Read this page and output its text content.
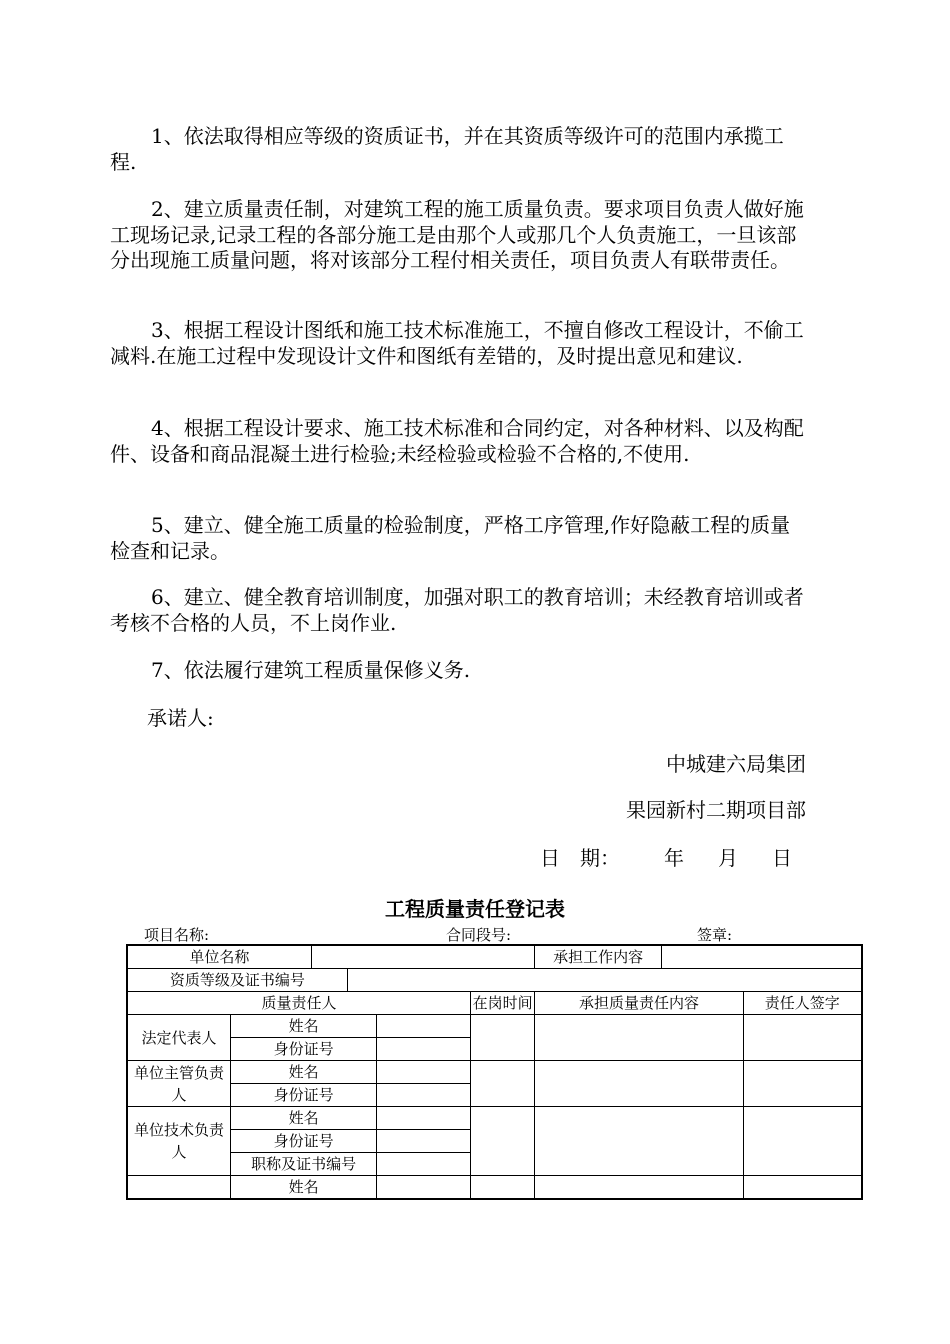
1、依法取得相应等级的资质证书，并在其资质等级许可的范围内承揽工程.

2、建立质量责任制，对建筑工程的施工质量负责。要求项目负责人做好施工现场记录,记录工程的各部分施工是由那个人或那几个人负责施工，一旦该部分出现施工质量问题，将对该部分工程付相关责任，项目负责人有联带责任。

3、根据工程设计图纸和施工技术标准施工，不擅自修改工程设计，不偷工减料.在施工过程中发现设计文件和图纸有差错的，及时提出意见和建议.

4、根据工程设计要求、施工技术标准和合同约定，对各种材料、以及构配件、设备和商品混凝土进行检验;未经检验或检验不合格的,不使用.

5、建立、健全施工质量的检验制度，严格工序管理,作好隐蔽工程的质量检查和记录。

6、建立、健全教育培训制度，加强对职工的教育培训；未经教育培训或者考核不合格的人员，不上岗作业.

7、依法履行建筑工程质量保修义务.

承诺人:
中城建六局集团
果园新村二期项目部
日　期： 年 月 日
工程质量责任登记表
项目名称:	合同段号:	签章:
单位名称						承担工作内容		
资质等级及证书编号								
质量责任人					在岗时间	承担质量责任内容		责任人签字
法定代表人	姓名							
	身份证号							
单位主管负责人	姓名							
	身份证号							
单位技术负责人	姓名							
	身份证号							
	职称及证书编号							
	姓名							
